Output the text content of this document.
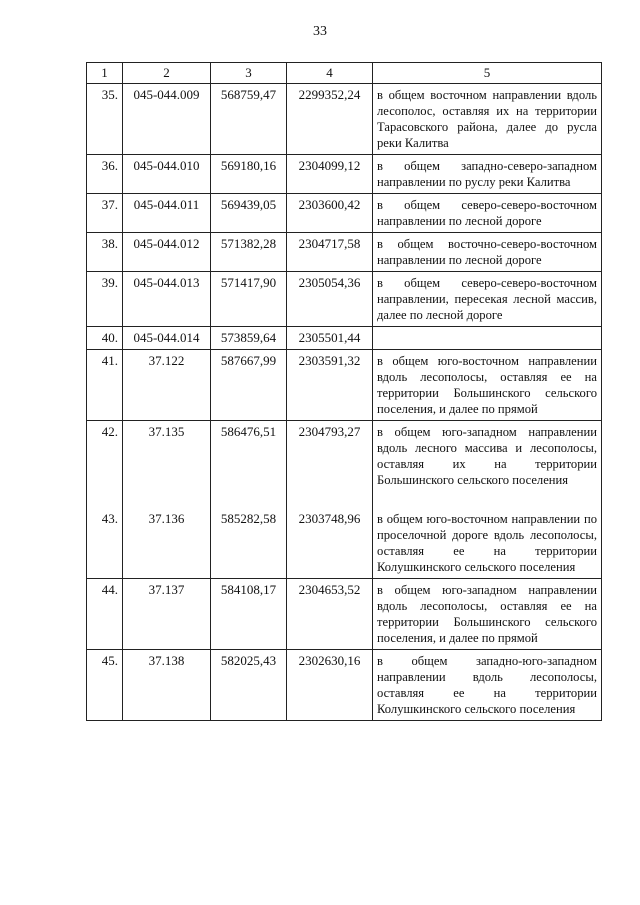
33
1	2	3	4	5
35.	045-044.009	568759,47	2299352,24	в общем восточном направлении вдоль лесополос, оставляя их на территории Тарасовского района, далее до русла реки Калитва
36.	045-044.010	569180,16	2304099,12	в общем западно-северо-западном направлении по руслу реки Калитва
37.	045-044.011	569439,05	2303600,42	в общем северо-северо-восточном направлении по лесной дороге
38.	045-044.012	571382,28	2304717,58	в общем восточно-северо-восточном направлении по лесной дороге
39.	045-044.013	571417,90	2305054,36	в общем северо-северо-восточном направлении, пересекая лесной массив, далее по лесной дороге
40.	045-044.014	573859,64	2305501,44	
41.	37.122	587667,99	2303591,32	в общем юго-восточном направлении вдоль лесополосы, оставляя ее на территории Большинского сельского поселения, и далее по прямой
42.	37.135	586476,51	2304793,27	в общем юго-западном направлении вдоль лесного массива и лесополосы, оставляя их на территории Большинского сельского поселения
43.	37.136	585282,58	2303748,96	в общем юго-восточном направлении по проселочной дороге вдоль лесополосы, оставляя ее на территории Колушкинского сельского поселения
44.	37.137	584108,17	2304653,52	в общем юго-западном направлении вдоль лесополосы, оставляя ее на территории Большинского сельского поселения, и далее по прямой
45.	37.138	582025,43	2302630,16	в общем западно-юго-западном направлении вдоль лесополосы, оставляя ее на территории Колушкинского сельского поселения
